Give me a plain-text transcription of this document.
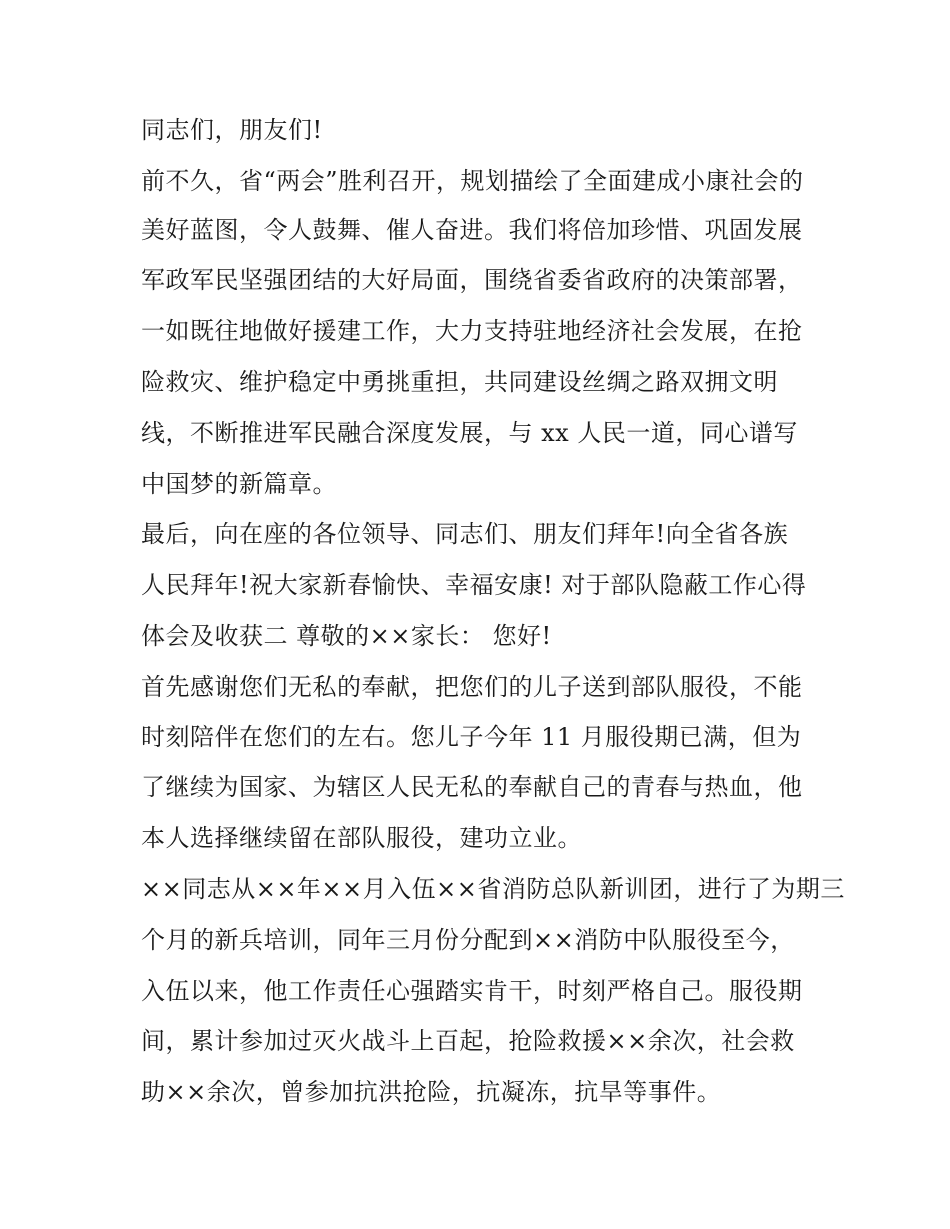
同志们，朋友们!
前不久，省“两会”胜利召开，规划描绘了全面建成小康社会的
美好蓝图，令人鼓舞、催人奋进。我们将倍加珍惜、巩固发展
军政军民坚强团结的大好局面，围绕省委省政府的决策部署，
一如既往地做好援建工作，大力支持驻地经济社会发展，在抢
险救灾、维护稳定中勇挑重担，共同建设丝绸之路双拥文明
线，不断推进军民融合深度发展，与 xx 人民一道，同心谱写
中国梦的新篇章。
最后，向在座的各位领导、同志们、朋友们拜年!向全省各族
人民拜年!祝大家新春愉快、幸福安康! 对于部队隐蔽工作心得
体会及收获二 尊敬的××家长： 您好!
首先感谢您们无私的奉献，把您们的儿子送到部队服役，不能
时刻陪伴在您们的左右。您儿子今年 11 月服役期已满，但为
了继续为国家、为辖区人民无私的奉献自己的青春与热血，他
本人选择继续留在部队服役，建功立业。
××同志从××年××月入伍××省消防总队新训团，进行了为期三
个月的新兵培训，同年三月份分配到××消防中队服役至今，
入伍以来，他工作责任心强踏实肯干，时刻严格自己。服役期
间，累计参加过灭火战斗上百起，抢险救援××余次，社会救
助××余次，曾参加抗洪抢险，抗凝冻，抗旱等事件。
